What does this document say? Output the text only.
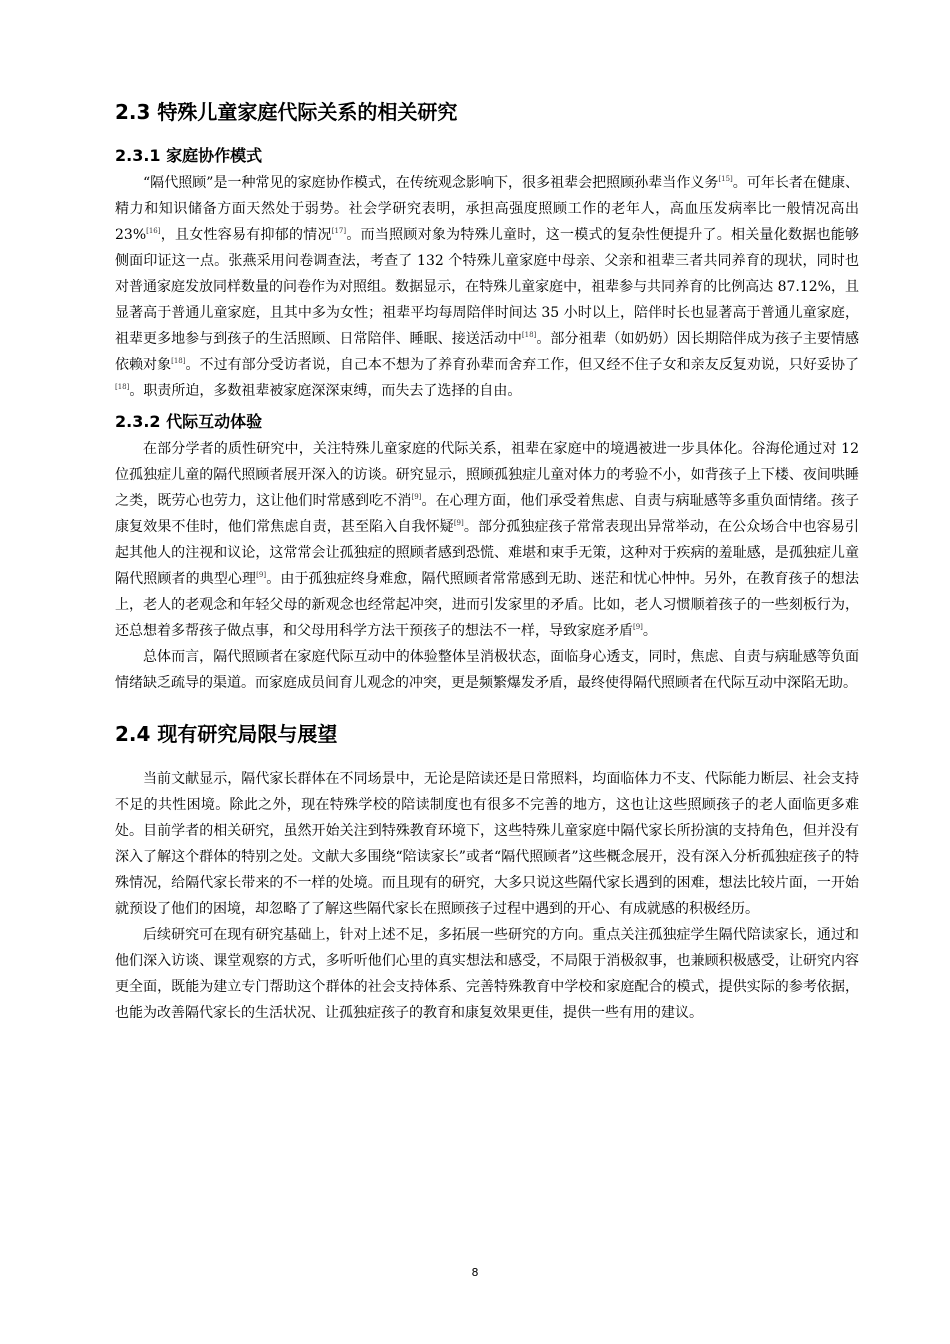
2.3 特殊儿童家庭代际关系的相关研究
2.3.1 家庭协作模式

“隔代照顾”是一种常见的家庭协作模式，在传统观念影响下，很多祖辈会把照顾孙辈当作义务[15]。可年长者在健康、精力和知识储备方面天然处于弱势。社会学研究表明，承担高强度照顾工作的老年人，高血压发病率比一般情况高出 23%[16]，且女性容易有抑郁的情况[17]。而当照顾对象为特殊儿童时，这一模式的复杂性便提升了。相关量化数据也能够侧面印证这一点。张燕采用问卷调查法，考查了 132 个特殊儿童家庭中母亲、父亲和祖辈三者共同养育的现状，同时也对普通家庭发放同样数量的问卷作为对照组。数据显示，在特殊儿童家庭中，祖辈参与共同养育的比例高达 87.12%，且显著高于普通儿童家庭，且其中多为女性；祖辈平均每周陪伴时间达 35 小时以上，陪伴时长也显著高于普通儿童家庭，祖辈更多地参与到孩子的生活照顾、日常陪伴、睡眠、接送活动中[18]。部分祖辈（如奶奶）因长期陪伴成为孩子主要情感依赖对象[18]。不过有部分受访者说，自己本不想为了养育孙辈而舍弃工作，但又经不住子女和亲友反复劝说，只好妥协了[18]。职责所迫，多数祖辈被家庭深深束缚，而失去了选择的自由。

2.3.2 代际互动体验

在部分学者的质性研究中，关注特殊儿童家庭的代际关系，祖辈在家庭中的境遇被进一步具体化。谷海伦通过对 12 位孤独症儿童的隔代照顾者展开深入的访谈。研究显示，照顾孤独症儿童对体力的考验不小，如背孩子上下楼、夜间哄睡之类，既劳心也劳力，这让他们时常感到吃不消[9]。在心理方面，他们承受着焦虑、自责与病耻感等多重负面情绪。孩子康复效果不佳时，他们常焦虑自责，甚至陷入自我怀疑[9]。部分孤独症孩子常常表现出异常举动，在公众场合中也容易引起其他人的注视和议论，这常常会让孤独症的照顾者感到恐慌、难堪和束手无策，这种对于疾病的羞耻感，是孤独症儿童隔代照顾者的典型心理[9]。由于孤独症终身难愈，隔代照顾者常常感到无助、迷茫和忧心忡忡。另外，在教育孩子的想法上，老人的老观念和年轻父母的新观念也经常起冲突，进而引发家里的矛盾。比如，老人习惯顺着孩子的一些刻板行为，还总想着多帮孩子做点事，和父母用科学方法干预孩子的想法不一样，导致家庭矛盾[9]。

总体而言，隔代照顾者在家庭代际互动中的体验整体呈消极状态，面临身心透支，同时，焦虑、自责与病耻感等负面情绪缺乏疏导的渠道。而家庭成员间育儿观念的冲突，更是频繁爆发矛盾，最终使得隔代照顾者在代际互动中深陷无助。

2.4 现有研究局限与展望

当前文献显示，隔代家长群体在不同场景中，无论是陪读还是日常照料，均面临体力不支、代际能力断层、社会支持不足的共性困境。除此之外，现在特殊学校的陪读制度也有很多不完善的地方，这也让这些照顾孩子的老人面临更多难处。目前学者的相关研究，虽然开始关注到特殊教育环境下，这些特殊儿童家庭中隔代家长所扮演的支持角色，但并没有深入了解这个群体的特别之处。文献大多围绕“陪读家长”或者“隔代照顾者”这些概念展开，没有深入分析孤独症孩子的特殊情况，给隔代家长带来的不一样的处境。而且现有的研究，大多只说这些隔代家长遇到的困难，想法比较片面，一开始就预设了他们的困境，却忽略了了解这些隔代家长在照顾孩子过程中遇到的开心、有成就感的积极经历。

后续研究可在现有研究基础上，针对上述不足，多拓展一些研究的方向。重点关注孤独症学生隔代陪读家长，通过和他们深入访谈、课堂观察的方式，多听听他们心里的真实想法和感受，不局限于消极叙事，也兼顾积极感受，让研究内容更全面，既能为建立专门帮助这个群体的社会支持体系、完善特殊教育中学校和家庭配合的模式，提供实际的参考依据，也能为改善隔代家长的生活状况、让孤独症孩子的教育和康复效果更佳，提供一些有用的建议。

8
